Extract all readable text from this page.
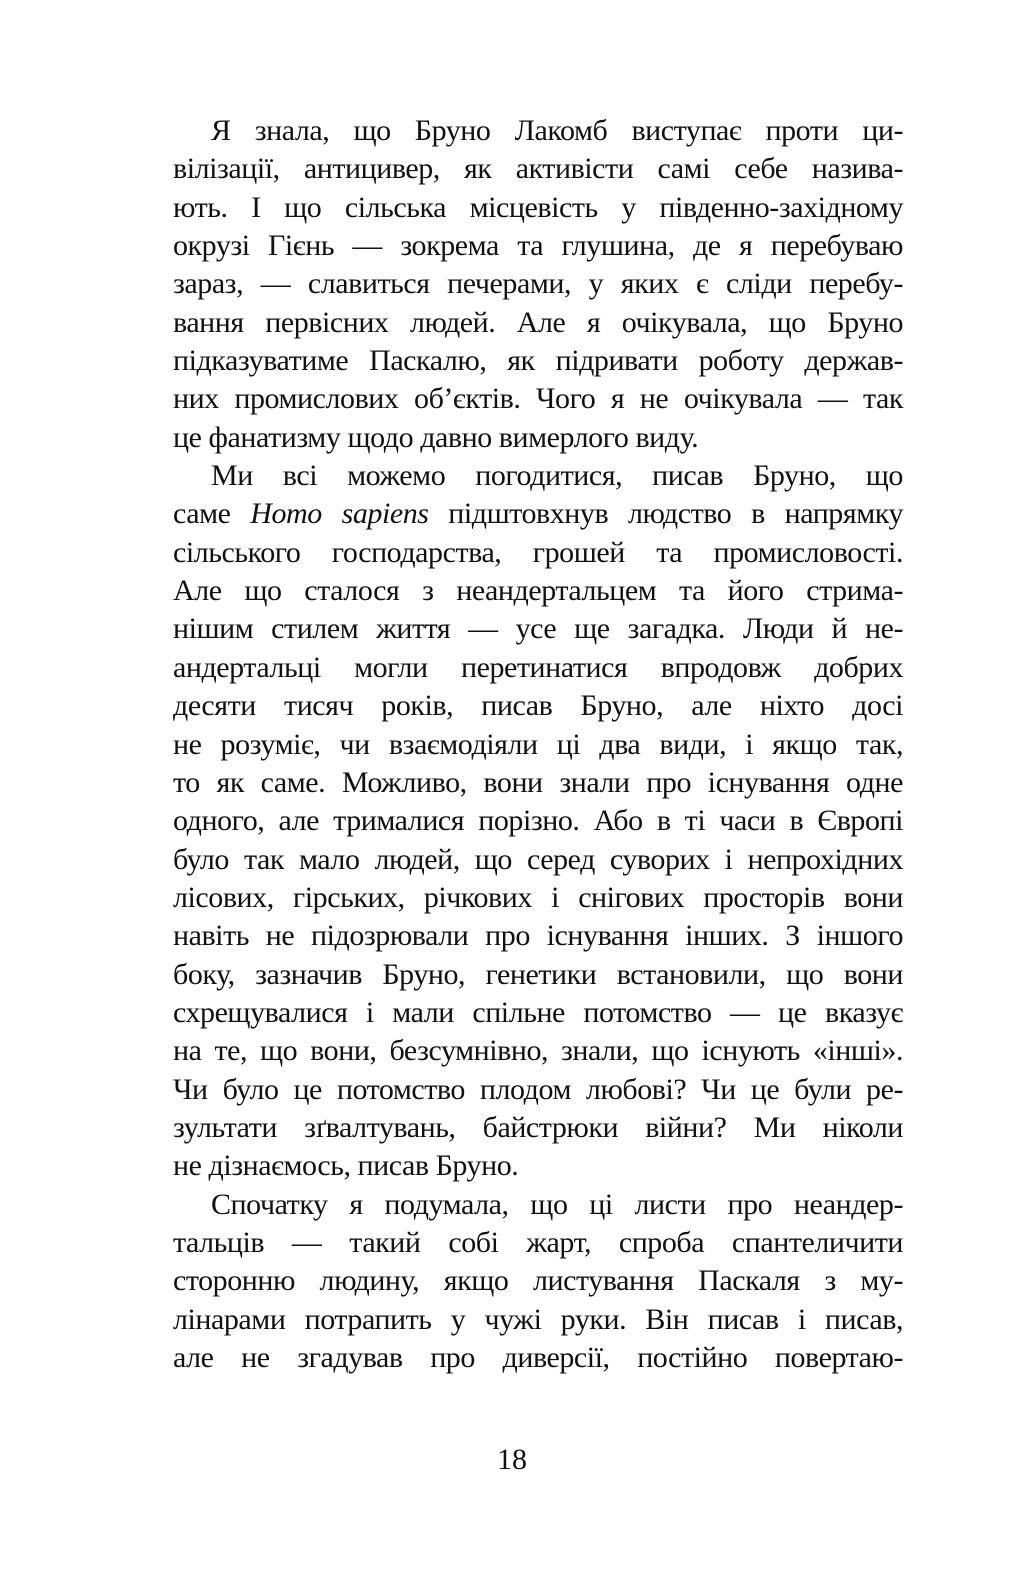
Я знала, що Бруно Лакомб виступає проти ци-
вілізації, антицивер, як активісти самі себе назива-
ють. І що сільська місцевість у південно-західному
окрузі Гієнь — зокрема та глушина, де я перебуваю
зараз, — славиться печерами, у яких є сліди перебу-
вання первісних людей. Але я очікувала, що Бруно
підказуватиме Паскалю, як підривати роботу держав-
них промислових об’єктів. Чого я не очікувала — так
це фанатизму щодо давно вимерлого виду.
Ми всі можемо погодитися, писав Бруно, що
саме Homo sapiens підштовхнув людство в напрямку
сільського господарства, грошей та промисловості.
Але що сталося з неандертальцем та його стрима-
нішим стилем життя — усе ще загадка. Люди й не-
андертальці могли перетинатися впродовж добрих
десяти тисяч років, писав Бруно, але ніхто досі
не розуміє, чи взаємодіяли ці два види, і якщо так,
то як саме. Можливо, вони знали про існування одне
одного, але трималися порізно. Або в ті часи в Європі
було так мало людей, що серед суворих і непрохідних
лісових, гірських, річкових і снігових просторів вони
навіть не підозрювали про існування інших. З іншого
боку, зазначив Бруно, генетики встановили, що вони
схрещувалися і мали спільне потомство — це вказує
на те, що вони, безсумнівно, знали, що існують «інші».
Чи було це потомство плодом любові? Чи це були ре-
зультати зґвалтувань, байстрюки війни? Ми ніколи
не дізнаємось, писав Бруно.
Спочатку я подумала, що ці листи про неандер-
тальців — такий собі жарт, спроба спантеличити
сторонню людину, якщо листування Паскаля з му-
лінарами потрапить у чужі руки. Він писав і писав,
але не згадував про диверсії, постійно повертаю-
18
